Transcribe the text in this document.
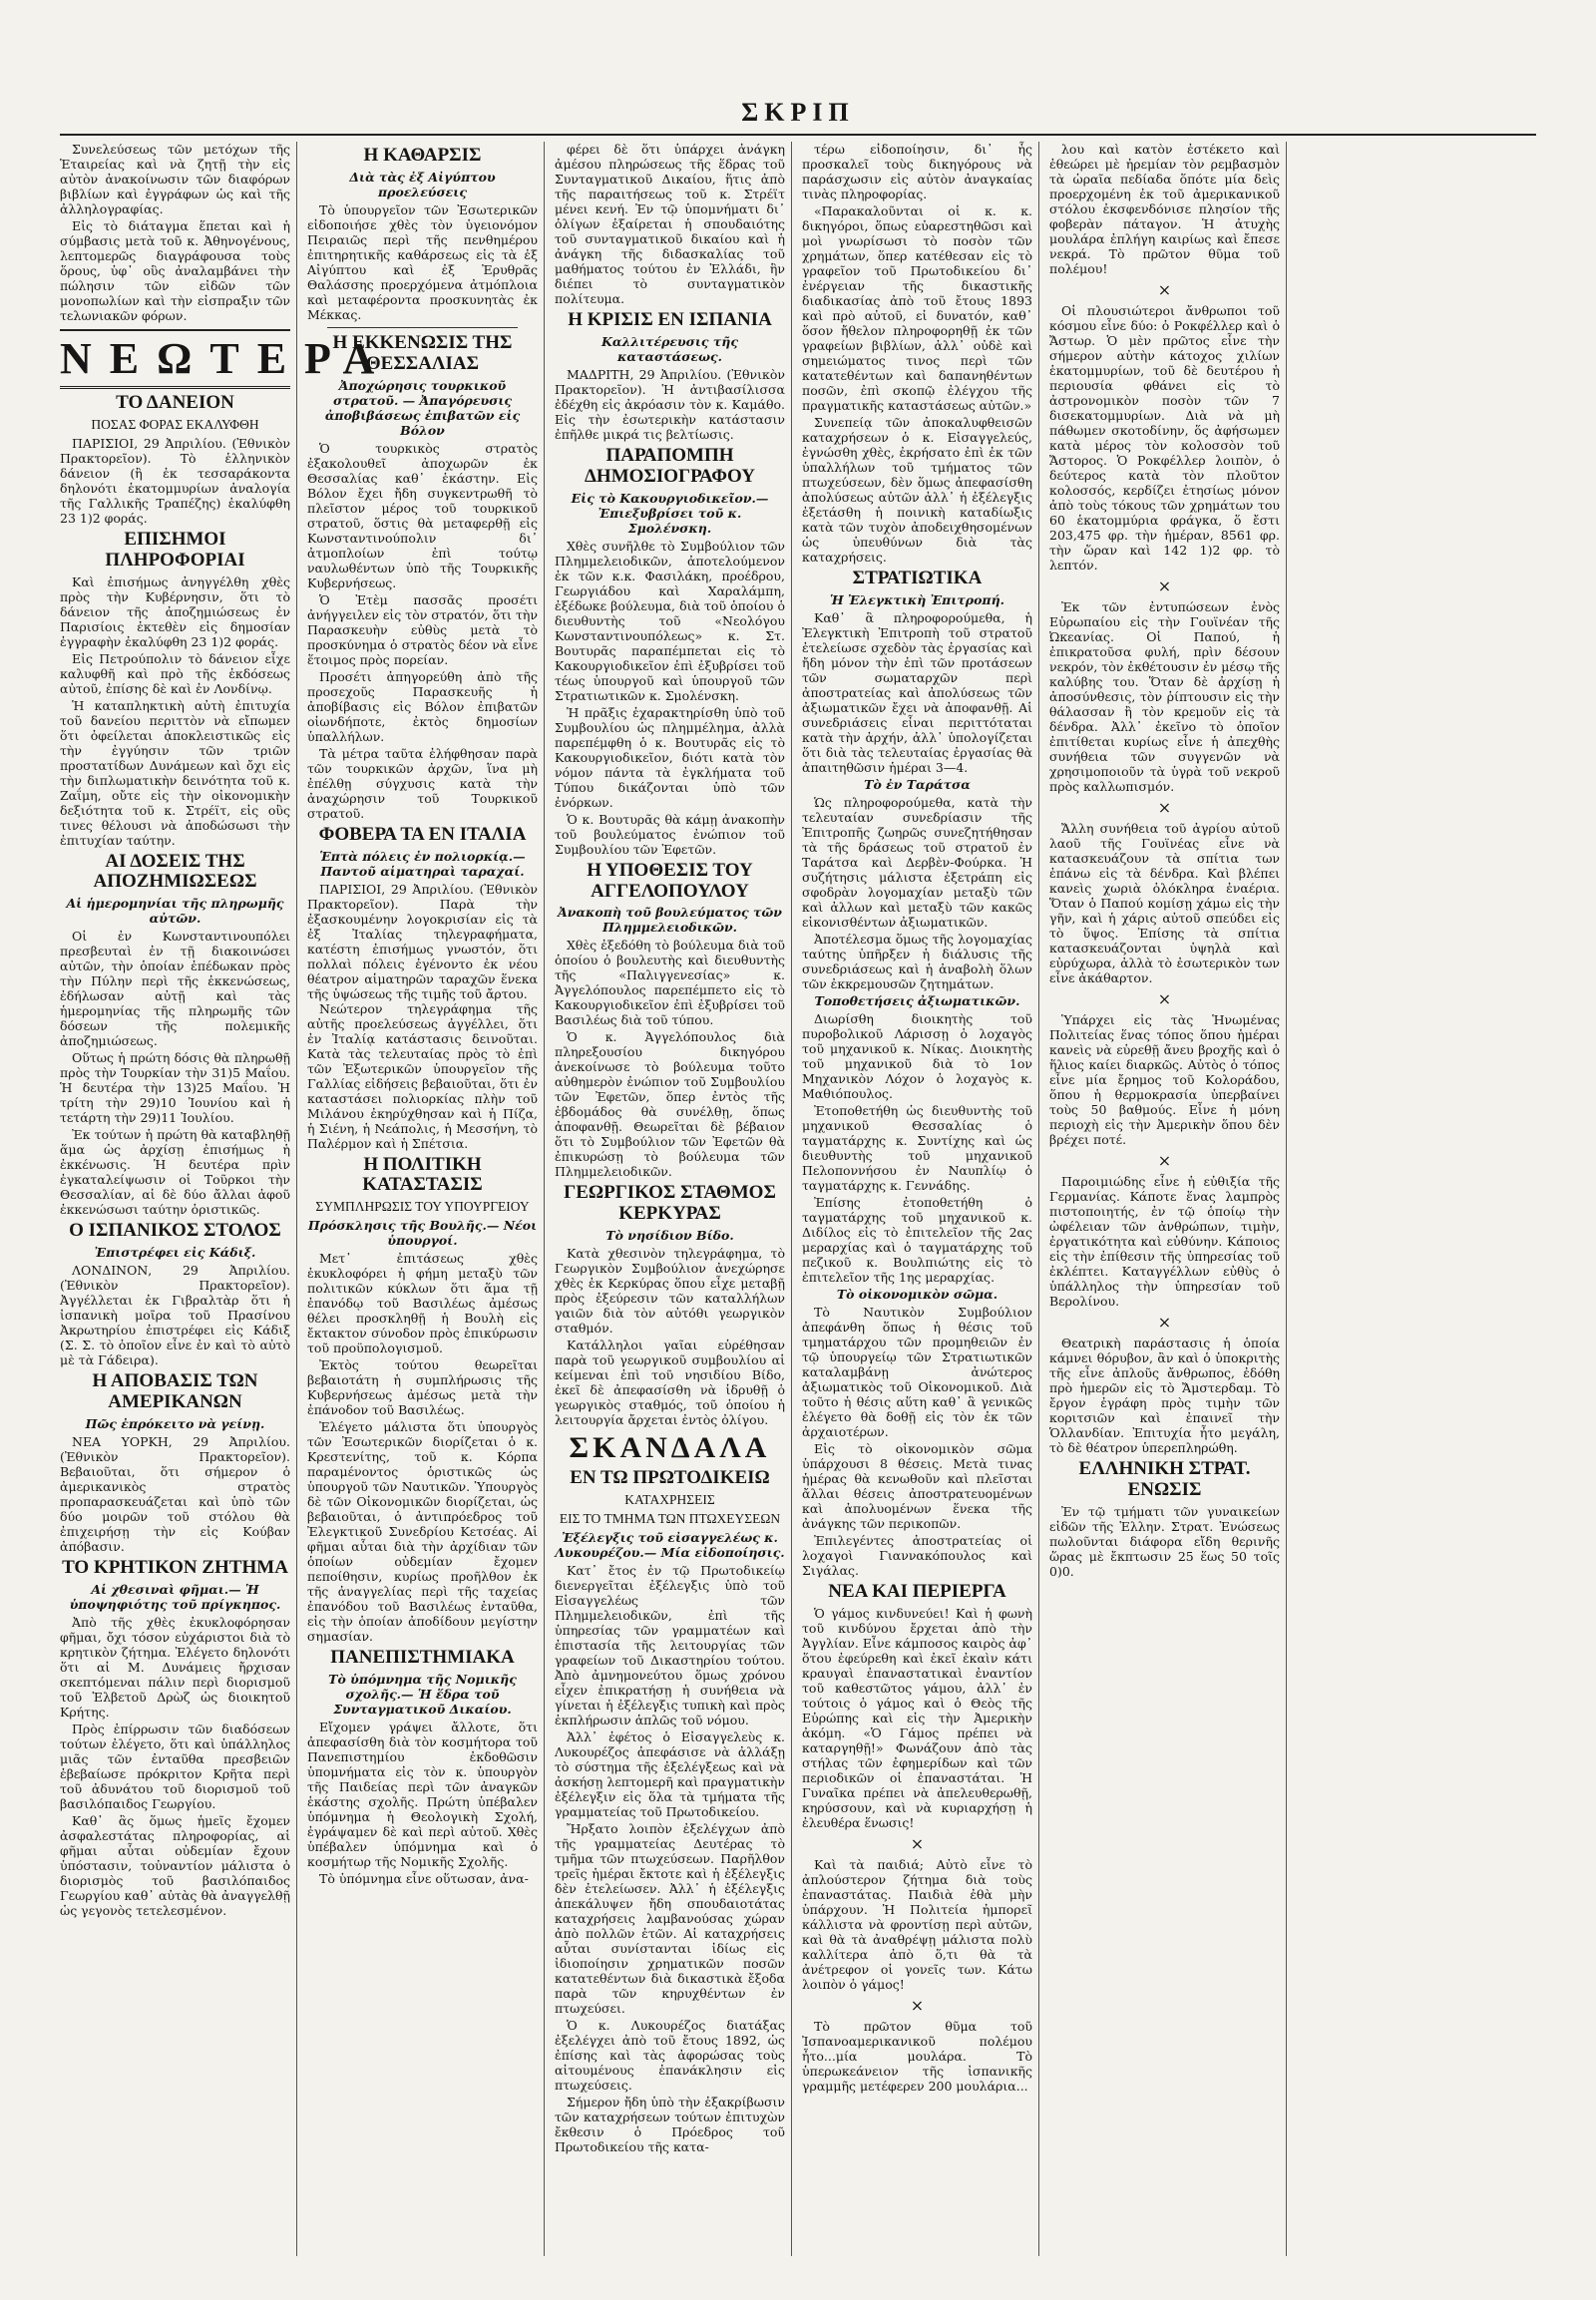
ΣΚΡΙΠ

Συνελεύσεως τῶν μετόχων τῆς Ἑταιρείας καὶ νὰ ζητῇ τὴν εἰς αὐτὸν ἀνακοίνωσιν τῶν διαφόρων βιβλίων καὶ ἐγγράφων ὡς καὶ τῆς ἀλληλογραφίας.

Εἰς τὸ διάταγμα ἕπεται καὶ ἡ σύμβασις μετὰ τοῦ κ. Ἀθηνογένους, λεπτομερῶς διαγράφουσα τοὺς ὅρους, ὑφ᾽ οὓς ἀναλαμβάνει τὴν πώλησιν τῶν εἰδῶν τῶν μονοπωλίων καὶ τὴν εἰσπραξιν τῶν τελωνιακῶν φόρων.

ΝΕΩΤΕΡΑ
ΤΟ ΔΑΝΕΙΟΝ
ΠΟΣΑΣ ΦΟΡΑΣ ΕΚΑΛΥΦΘΗ

ΠΑΡΙΣΙΟΙ, 29 Ἀπριλίου. (Ἐθνικὸν Πρακτορεῖον). Τὸ ἑλληνικὸν δάνειον (ἢ ἐκ τεσσαράκοντα δηλονότι ἑκατομμυρίων ἀναλογία τῆς Γαλλικῆς Τραπέζης) ἐκαλύφθη 23 1)2 φοράς.

ΕΠΙΣΗΜΟΙ ΠΛΗΡΟΦΟΡΙΑΙ

Καὶ ἐπισήμως ἀνηγγέλθη χθὲς πρὸς τὴν Κυβέρνησιν, ὅτι τὸ δάνειον τῆς ἀποζημιώσεως ἐν Παρισίοις ἐκτεθὲν εἰς δημοσίαν ἐγγραφὴν ἐκαλύφθη 23 1)2 φοράς.

Εἰς Πετρούπολιν τὸ δάνειον εἶχε καλυφθῆ καὶ πρὸ τῆς ἐκδόσεως αὐτοῦ, ἐπίσης δὲ καὶ ἐν Λονδίνῳ.

Ἡ καταπληκτικὴ αὐτὴ ἐπιτυχία τοῦ δανείου περιττὸν νὰ εἴπωμεν ὅτι ὀφείλεται ἀποκλειστικῶς εἰς τὴν ἐγγύησιν τῶν τριῶν προστατίδων Δυνάμεων καὶ ὄχι εἰς τὴν διπλωματικὴν δεινότητα τοῦ κ. Ζαΐμη, οὔτε εἰς τὴν οἰκονομικὴν δεξιότητα τοῦ κ. Στρέϊτ, εἰς οὓς τινες θέλουσι νὰ ἀποδώσωσι τὴν ἐπιτυχίαν ταύτην.

ΑΙ ΔΟΣΕΙΣ ΤΗΣ ΑΠΟΖΗΜΙΩΣΕΩΣ
Αἱ ἡμερομηνίαι τῆς πληρωμῆς αὐτῶν.

Οἱ ἐν Κωνσταντινουπόλει πρεσβευταὶ ἐν τῇ διακοινώσει αὐτῶν, τὴν ὁποίαν ἐπέδωκαν πρὸς τὴν Πύλην περὶ τῆς ἐκκενώσεως, ἐδήλωσαν αὐτῇ καὶ τὰς ἡμερομηνίας τῆς πληρωμῆς τῶν δόσεων τῆς πολεμικῆς ἀποζημιώσεως.

Οὕτως ἡ πρώτη δόσις θὰ πληρωθῇ πρὸς τὴν Τουρκίαν τὴν 31)5 Μαΐου. Ἡ δευτέρα τὴν 13)25 Μαΐου. Ἡ τρίτη τὴν 29)10 Ἰουνίου καὶ ἡ τετάρτη τὴν 29)11 Ἰουλίου.

Ἐκ τούτων ἡ πρώτη θὰ καταβληθῇ ἅμα ὡς ἀρχίσῃ ἐπισήμως ἡ ἐκκένωσις. Ἡ δευτέρα πρὶν ἐγκαταλείψωσιν οἱ Τοῦρκοι τὴν Θεσσαλίαν, αἱ δὲ δύο ἄλλαι ἀφοῦ ἐκκενώσωσι ταύτην ὁριστικῶς.

Ο ΙΣΠΑΝΙΚΟΣ ΣΤΟΛΟΣ
Ἐπιστρέφει εἰς Κάδιξ.

ΛΟΝΔΙΝΟΝ, 29 Ἀπριλίου. (Ἐθνικὸν Πρακτορεῖον). Ἀγγέλλεται ἐκ Γιβραλτὰρ ὅτι ἡ ἰσπανικὴ μοῖρα τοῦ Πρασίνου Ἀκρωτηρίου ἐπιστρέφει εἰς Κάδιξ (Σ. Σ. τὸ ὁποῖον εἶνε ἐν καὶ τὸ αὐτὸ μὲ τὰ Γάδειρα).

Η ΑΠΟΒΑΣΙΣ ΤΩΝ ΑΜΕΡΙΚΑΝΩΝ
Πῶς ἐπρόκειτο νὰ γείνῃ.

ΝΕΑ ΥΟΡΚΗ, 29 Ἀπριλίου. (Ἐθνικὸν Πρακτορεῖον). Βεβαιοῦται, ὅτι σήμερον ὁ ἀμερικανικὸς στρατὸς προπαρασκευάζεται καὶ ὑπὸ τῶν δύο μοιρῶν τοῦ στόλου θὰ ἐπιχειρήσῃ τὴν εἰς Κούβαν ἀπόβασιν.

ΤΟ ΚΡΗΤΙΚΟΝ ΖΗΤΗΜΑ
Αἱ χθεσιναὶ φῆμαι.— Ἡ ὑποψηφιότης τοῦ πρίγκηπος.

Ἀπὸ τῆς χθὲς ἐκυκλοφόρησαν φῆμαι, ὄχι τόσον εὐχάριστοι διὰ τὸ κρητικὸν ζήτημα. Ἐλέγετο δηλονότι ὅτι αἱ Μ. Δυνάμεις ἤρχισαν σκεπτόμεναι πάλιν περὶ διορισμοῦ τοῦ Ἑλβετοῦ Δρὼζ ὡς διοικητοῦ Κρήτης.

Πρὸς ἐπίρρωσιν τῶν διαδόσεων τούτων ἐλέγετο, ὅτι καὶ ὑπάλληλος μιᾶς τῶν ἐνταῦθα πρεσβειῶν ἐβεβαίωσε πρόκριτον Κρῆτα περὶ τοῦ ἀδυνάτου τοῦ διορισμοῦ τοῦ βασιλόπαιδος Γεωργίου.

Καθ᾽ ἃς ὅμως ἡμεῖς ἔχομεν ἀσφαλεστάτας πληροφορίας, αἱ φῆμαι αὗται οὐδεμίαν ἔχουν ὑπόστασιν, τοὐναντίον μάλιστα ὁ διορισμὸς τοῦ βασιλόπαιδος Γεωργίου καθ᾽ αὐτὰς θὰ ἀναγγελθῇ ὡς γεγονὸς τετελεσμένον.

Η ΚΑΘΑΡΣΙΣ
Διὰ τὰς ἐξ Αἰγύπτου προελεύσεις

Τὸ ὑπουργεῖον τῶν Ἐσωτερικῶν εἰδοποιήσε χθὲς τὸν ὑγειονόμον Πειραιῶς περὶ τῆς πενθημέρου ἐπιτηρητικῆς καθάρσεως εἰς τὰ ἐξ Αἰγύπτου καὶ ἐξ Ἐρυθρᾶς Θαλάσσης προερχόμενα ἀτμόπλοια καὶ μεταφέροντα προσκυνητὰς ἐκ Μέκκας.

Η ΕΚΚΕΝΩΣΙΣ ΤΗΣ ΘΕΣΣΑΛΙΑΣ
Ἀποχώρησις τουρκικοῦ στρατοῦ. — Ἀπαγόρευσις ἀποβιβάσεως ἐπιβατῶν εἰς Βόλον

Ὁ τουρκικὸς στρατὸς ἐξακολουθεῖ ἀποχωρῶν ἐκ Θεσσαλίας καθ᾽ ἑκάστην. Εἰς Βόλον ἔχει ἤδη συγκεντρωθῆ τὸ πλεῖστον μέρος τοῦ τουρκικοῦ στρατοῦ, ὅστις θὰ μεταφερθῇ εἰς Κωνσταντινούπολιν δι᾽ ἀτμοπλοίων ἐπὶ τούτῳ ναυλωθέντων ὑπὸ τῆς Τουρκικῆς Κυβερνήσεως.

Ὁ Ἐτὲμ πασσᾶς προσέτι ἀνήγγειλεν εἰς τὸν στρατόν, ὅτι τὴν Παρασκευὴν εὐθὺς μετὰ τὸ προσκύνημα ὁ στρατὸς δέον νὰ εἶνε ἕτοιμος πρὸς πορείαν.

Προσέτι ἀπηγορεύθη ἀπὸ τῆς προσεχοῦς Παρασκευῆς ἡ ἀποβίβασις εἰς Βόλον ἐπιβατῶν οἱωνδήποτε, ἐκτὸς δημοσίων ὑπαλλήλων.

Τὰ μέτρα ταῦτα ἐλήφθησαν παρὰ τῶν τουρκικῶν ἀρχῶν, ἵνα μὴ ἐπέλθῃ σύγχυσις κατὰ τὴν ἀναχώρησιν τοῦ Τουρκικοῦ στρατοῦ.

ΦΟΒΕΡΑ ΤΑ ΕΝ ΙΤΑΛΙΑ
Ἑπτὰ πόλεις ἐν πολιορκίᾳ.— Παντοῦ αἱματηραὶ ταραχαί.

ΠΑΡΙΣΙΟΙ, 29 Ἀπριλίου. (Ἐθνικὸν Πρακτορεῖον). Παρὰ τὴν ἐξασκουμένην λογοκρισίαν εἰς τὰ ἐξ Ἰταλίας τηλεγραφήματα, κατέστη ἐπισήμως γνωστόν, ὅτι πολλαὶ πόλεις ἐγένοντο ἐκ νέου θέατρον αἱματηρῶν ταραχῶν ἕνεκα τῆς ὑψώσεως τῆς τιμῆς τοῦ ἄρτου.

Νεώτερον τηλεγράφημα τῆς αὐτῆς προελεύσεως ἀγγέλλει, ὅτι ἐν Ἰταλίᾳ κατάστασις δεινοῦται. Κατὰ τὰς τελευταίας πρὸς τὸ ἐπὶ τῶν Ἐξωτερικῶν ὑπουργεῖον τῆς Γαλλίας εἰδήσεις βεβαιοῦται, ὅτι ἐν καταστάσει πολιορκίας πλὴν τοῦ Μιλάνου ἐκηρύχθησαν καὶ ἡ Πίζα, ἡ Σιένη, ἡ Νεάπολις, ἡ Μεσσήνη, τὸ Παλέρμον καὶ ἡ Σπέτσια.

Η ΠΟΛΙΤΙΚΗ ΚΑΤΑΣΤΑΣΙΣ
ΣΥΜΠΛΗΡΩΣΙΣ ΤΟΥ ΥΠΟΥΡΓΕΙΟΥ
Πρόσκλησις τῆς Βουλῆς.— Νέοι ὑπουργοί.

Μετ᾽ ἐπιτάσεως χθὲς ἐκυκλοφόρει ἡ φήμη μεταξὺ τῶν πολιτικῶν κύκλων ὅτι ἅμα τῇ ἐπανόδῳ τοῦ Βασιλέως ἀμέσως θέλει προσκληθῇ ἡ Βουλὴ εἰς ἔκτακτον σύνοδον πρὸς ἐπικύρωσιν τοῦ προϋπολογισμοῦ.

Ἐκτὸς τούτου θεωρεῖται βεβαιοτάτη ἡ συμπλήρωσις τῆς Κυβερνήσεως ἀμέσως μετὰ τὴν ἐπάνοδον τοῦ Βασιλέως.

Ἐλέγετο μάλιστα ὅτι ὑπουργὸς τῶν Ἐσωτερικῶν διορίζεται ὁ κ. Κρεστενίτης, τοῦ κ. Κόρπα παραμένοντος ὁριστικῶς ὡς ὑπουργοῦ τῶν Ναυτικῶν. Ὑπουργὸς δὲ τῶν Οἰκονομικῶν διορίζεται, ὡς βεβαιοῦται, ὁ ἀντιπρόεδρος τοῦ Ἐλεγκτικοῦ Συνεδρίου Κετσέας. Αἱ φῆμαι αὗται διὰ τὴν ἀρχίδιαν τῶν ὁποίων οὐδεμίαν ἔχομεν πεποίθησιν, κυρίως προῆλθον ἐκ τῆς ἀναγγελίας περὶ τῆς ταχείας ἐπανόδου τοῦ Βασιλέως ἐνταῦθα, εἰς τὴν ὁποίαν ἀποδίδουν μεγίστην σημασίαν.

ΠΑΝΕΠΙΣΤΗΜΙΑΚΑ
Τὸ ὑπόμνημα τῆς Νομικῆς σχολῆς.— Ἡ ἕδρα τοῦ Συνταγματικοῦ Δικαίου.

Εἴχομεν γράψει ἄλλοτε, ὅτι ἀπεφασίσθη διὰ τὸν κοσμήτορα τοῦ Πανεπιστημίου ἐκδοθῶσιν ὑπομνήματα εἰς τὸν κ. ὑπουργὸν τῆς Παιδείας περὶ τῶν ἀναγκῶν ἑκάστης σχολῆς. Πρώτη ὑπέβαλεν ὑπόμνημα ἡ Θεολογικὴ Σχολή, ἐγράψαμεν δὲ καὶ περὶ αὐτοῦ. Χθὲς ὑπέβαλεν ὑπόμνημα καὶ ὁ κοσμήτωρ τῆς Νομικῆς Σχολῆς.

Τὸ ὑπόμνημα εἶνε οὕτωσαν, ἀνα-

φέρει δὲ ὅτι ὑπάρχει ἀνάγκη ἀμέσου πληρώσεως τῆς ἕδρας τοῦ Συνταγματικοῦ Δικαίου, ἥτις ἀπὸ τῆς παραιτήσεως τοῦ κ. Στρέϊτ μένει κενή. Ἐν τῷ ὑπομνήματι δι᾽ ὀλίγων ἐξαίρεται ἡ σπουδαιότης τοῦ συνταγματικοῦ δικαίου καὶ ἡ ἀνάγκη τῆς διδασκαλίας τοῦ μαθήματος τούτου ἐν Ἑλλάδι, ἣν διέπει τὸ συνταγματικὸν πολίτευμα.

Η ΚΡΙΣΙΣ ΕΝ ΙΣΠΑΝΙΑ
Καλλιτέρευσις τῆς καταστάσεως.

ΜΑΔΡΙΤΗ, 29 Ἀπριλίου. (Ἐθνικὸν Πρακτορεῖον). Ἡ ἀντιβασίλισσα ἐδέχθη εἰς ἀκρόασιν τὸν κ. Καμάθο. Εἰς τὴν ἐσωτερικὴν κατάστασιν ἐπῆλθε μικρά τις βελτίωσις.

ΠΑΡΑΠΟΜΠΗ ΔΗΜΟΣΙΟΓΡΑΦΟΥ
Εἰς τὸ Κακουργιοδικεῖον.— Ἐπιεξυβρίσει τοῦ κ. Σμολένσκη.

Χθὲς συνῆλθε τὸ Συμβούλιον τῶν Πλημμελειοδικῶν, ἀποτελούμενον ἐκ τῶν κ.κ. Φασιλάκη, προέδρου, Γεωργιάδου καὶ Χαραλάμπη, ἐξέδωκε βούλευμα, διὰ τοῦ ὁποίου ὁ διευθυντὴς τοῦ «Νεολόγου Κωνσταντινουπόλεως» κ. Στ. Βουτυρᾶς παραπέμπεται εἰς τὸ Κακουργιοδικεῖον ἐπὶ ἐξυβρίσει τοῦ τέως ὑπουργοῦ καὶ ὑπουργοῦ τῶν Στρατιωτικῶν κ. Σμολένσκη.

Ἡ πρᾶξις ἐχαρακτηρίσθη ὑπὸ τοῦ Συμβουλίου ὡς πλημμέλημα, ἀλλὰ παρεπέμφθη ὁ κ. Βουτυρᾶς εἰς τὸ Κακουργιοδικεῖον, διότι κατὰ τὸν νόμον πάντα τὰ ἐγκλήματα τοῦ Τύπου δικάζονται ὑπὸ τῶν ἐνόρκων.

Ὁ κ. Βουτυρᾶς θὰ κάμῃ ἀνακοπὴν τοῦ βουλεύματος ἐνώπιον τοῦ Συμβουλίου τῶν Ἐφετῶν.

Η ΥΠΟΘΕΣΙΣ ΤΟΥ ΑΓΓΕΛΟΠΟΥΛΟΥ
Ἀνακοπὴ τοῦ βουλεύματος τῶν Πλημμελειοδικῶν.

Χθὲς ἐξεδόθη τὸ βούλευμα διὰ τοῦ ὁποίου ὁ βουλευτὴς καὶ διευθυντὴς τῆς «Παλιγγενεσίας» κ. Ἀγγελόπουλος παρεπέμπετο εἰς τὸ Κακουργιοδικεῖον ἐπὶ ἐξυβρίσει τοῦ Βασιλέως διὰ τοῦ τύπου.

Ὁ κ. Ἀγγελόπουλος διὰ πληρεξουσίου δικηγόρου ἀνεκοίνωσε τὸ βούλευμα τοῦτο αὐθημερὸν ἐνώπιον τοῦ Συμβουλίου τῶν Ἐφετῶν, ὅπερ ἐντὸς τῆς ἑβδομάδος θὰ συνέλθῃ, ὅπως ἀποφανθῇ. Θεωρεῖται δὲ βέβαιον ὅτι τὸ Συμβούλιον τῶν Ἐφετῶν θὰ ἐπικυρώσῃ τὸ βούλευμα τῶν Πλημμελειοδικῶν.

ΓΕΩΡΓΙΚΟΣ ΣΤΑΘΜΟΣ ΚΕΡΚΥΡΑΣ
Τὸ νησίδιον Βίδο.

Κατὰ χθεσινὸν τηλεγράφημα, τὸ Γεωργικὸν Συμβούλιον ἀνεχώρησε χθὲς ἐκ Κερκύρας ὅπου εἶχε μεταβῇ πρὸς ἐξεύρεσιν τῶν καταλλήλων γαιῶν διὰ τὸν αὐτόθι γεωργικὸν σταθμόν.

Κατάλληλοι γαῖαι εὑρέθησαν παρὰ τοῦ γεωργικοῦ συμβουλίου αἱ κείμεναι ἐπὶ τοῦ νησιδίου Βίδο, ἐκεῖ δὲ ἀπεφασίσθη νὰ ἱδρυθῇ ὁ γεωργικὸς σταθμός, τοῦ ὁποίου ἡ λειτουργία ἄρχεται ἐντὸς ὀλίγου.

ΣΚΑΝΔΑΛΑ
ΕΝ ΤΩ ΠΡΩΤΟΔΙΚΕΙΩ
ΚΑΤΑΧΡΗΣΕΙΣ
ΕΙΣ ΤΟ ΤΜΗΜΑ ΤΩΝ ΠΤΩΧΕΥΣΕΩΝ
Ἐξέλεγξις τοῦ εἰσαγγελέως κ. Λυκουρέζου.— Μία εἰδοποίησις.

Κατ᾽ ἔτος ἐν τῷ Πρωτοδικείῳ διενεργεῖται ἐξέλεγξις ὑπὸ τοῦ Εἰσαγγελέως τῶν Πλημμελειοδικῶν, ἐπὶ τῆς ὑπηρεσίας τῶν γραμματέων καὶ ἐπιστασία τῆς λειτουργίας τῶν γραφείων τοῦ Δικαστηρίου τούτου. Ἀπὸ ἀμνημονεύτου ὅμως χρόνου εἶχεν ἐπικρατήσῃ ἡ συνήθεια νὰ γίνεται ἡ ἐξέλεγξις τυπικὴ καὶ πρὸς ἐκπλήρωσιν ἁπλῶς τοῦ νόμου.

Ἀλλ᾽ ἐφέτος ὁ Εἰσαγγελεὺς κ. Λυκουρέζος ἀπεφάσισε νὰ ἀλλάξῃ τὸ σύστημα τῆς ἐξελέγξεως καὶ νὰ ἀσκήσῃ λεπτομερῆ καὶ πραγματικὴν ἐξέλεγξιν εἰς ὅλα τὰ τμήματα τῆς γραμματείας τοῦ Πρωτοδικείου.

Ἤρξατο λοιπὸν ἐξελέγχων ἀπὸ τῆς γραμματείας Δευτέρας τὸ τμῆμα τῶν πτωχεύσεων. Παρῆλθον τρεῖς ἡμέραι ἔκτοτε καὶ ἡ ἐξέλεγξις δὲν ἐτελείωσεν. Ἀλλ᾽ ἡ ἐξέλεγξις ἀπεκάλυψεν ἤδη σπουδαιοτάτας καταχρήσεις λαμβανούσας χώραν ἀπὸ πολλῶν ἐτῶν. Αἱ καταχρήσεις αὗται συνίστανται ἰδίως εἰς ἰδιοποίησιν χρηματικῶν ποσῶν κατατεθέντων διὰ δικαστικὰ ἔξοδα παρὰ τῶν κηρυχθέντων ἐν πτωχεύσει.

Ὁ κ. Λυκουρέζος διατάξας ἐξελέγχει ἀπὸ τοῦ ἔτους 1892, ὡς ἐπίσης καὶ τὰς ἀφορώσας τοὺς αἰτουμένους ἐπανάκλησιν εἰς πτωχεύσεις.

Σήμερον ἤδη ὑπὸ τὴν ἐξακρίβωσιν τῶν καταχρήσεων τούτων ἐπιτυχὼν ἔκθεσιν ὁ Πρόεδρος τοῦ Πρωτοδικείου τῆς κατα-

τέρω εἰδοποίησιν, δι᾽ ἧς προσκαλεῖ τοὺς δικηγόρους νὰ παράσχωσιν εἰς αὐτὸν ἀναγκαίας τινὰς πληροφορίας.

«Παρακαλοῦνται οἱ κ. κ. δικηγόροι, ὅπως εὐαρεστηθῶσι καὶ μοὶ γνωρίσωσι τὸ ποσὸν τῶν χρημάτων, ὅπερ κατέθεσαν εἰς τὸ γραφεῖον τοῦ Πρωτοδικείου δι᾽ ἐνέργειαν τῆς δικαστικῆς διαδικασίας ἀπὸ τοῦ ἔτους 1893 καὶ πρὸ αὐτοῦ, εἰ δυνατόν, καθ᾽ ὅσον ἤθελον πληροφορηθῇ ἐκ τῶν γραφείων βιβλίων, ἀλλ᾽ οὐδὲ καὶ σημειώματος τινος περὶ τῶν κατατεθέντων καὶ δαπανηθέντων ποσῶν, ἐπὶ σκοπῷ ἐλέγχου τῆς πραγματικῆς καταστάσεως αὐτῶν.»

Συνεπείᾳ τῶν ἀποκαλυφθεισῶν καταχρήσεων ὁ κ. Εἰσαγγελεύς, ἐγνώσθη χθὲς, ἐκρήσατο ἐπὶ ἐκ τῶν ὑπαλλήλων τοῦ τμήματος τῶν πτωχεύσεων, δὲν ὅμως ἀπεφασίσθη ἀπολύσεως αὐτῶν ἀλλ᾽ ἡ ἐξέλεγξις ἐξετάσθη ἡ ποινικὴ καταδίωξις κατὰ τῶν τυχὸν ἀποδειχθησομένων ὡς ὑπευθύνων διὰ τὰς καταχρήσεις.

ΣΤΡΑΤΙΩΤΙΚΑ
Ἡ Ἐλεγκτικὴ Ἐπιτροπή.

Καθ᾽ ἃ πληροφορούμεθα, ἡ Ἐλεγκτικὴ Ἐπιτροπὴ τοῦ στρατοῦ ἐτελείωσε σχεδὸν τὰς ἐργασίας καὶ ἤδη μόνον τὴν ἐπὶ τῶν προτάσεων τῶν σωματαρχῶν περὶ ἀποστρατείας καὶ ἀπολύσεως τῶν ἀξιωματικῶν ἔχει νὰ ἀποφανθῇ. Αἱ συνεδριάσεις εἶναι περιττόταται κατὰ τὴν ἀρχήν, ἀλλ᾽ ὑπολογίζεται ὅτι διὰ τὰς τελευταίας ἐργασίας θὰ ἀπαιτηθῶσιν ἡμέραι 3—4.

Τὸ ἐν Ταράτσα

Ὡς πληροφορούμεθα, κατὰ τὴν τελευταίαν συνεδρίασιν τῆς Ἐπιτροπῆς ζωηρῶς συνεζητήθησαν τὰ τῆς δράσεως τοῦ στρατοῦ ἐν Ταράτσα καὶ Δερβὲν-Φούρκα. Ἡ συζήτησις μάλιστα ἐξετράπη εἰς σφοδρὰν λογομαχίαν μεταξὺ τῶν καὶ ἀλλων καὶ μεταξὺ τῶν κακῶς εἰκονισθέντων ἀξιωματικῶν.

Ἀποτέλεσμα ὅμως τῆς λογομαχίας ταύτης ὑπῆρξεν ἡ διάλυσις τῆς συνεδριάσεως καὶ ἡ ἀναβολὴ ὅλων τῶν ἐκκρεμουσῶν ζητημάτων.

Τοποθετήσεις ἀξιωματικῶν.

Διωρίσθη διοικητὴς τοῦ πυροβολικοῦ Λάρισσῃ ὁ λοχαγὸς τοῦ μηχανικοῦ κ. Νίκας. Διοικητὴς τοῦ μηχανικοῦ διὰ τὸ 1ον Μηχανικὸν Λόχον ὁ λοχαγὸς κ. Μαθιόπουλος.

Ἐτοποθετήθη ὡς διευθυντὴς τοῦ μηχανικοῦ Θεσσαλίας ὁ ταγματάρχης κ. Συντίχης καὶ ὡς διευθυντὴς τοῦ μηχανικοῦ Πελοποννήσου ἐν Ναυπλίῳ ὁ ταγματάρχης κ. Γεννάδης.

Ἐπίσης ἐτοποθετήθη ὁ ταγματάρχης τοῦ μηχανικοῦ κ. Διδίλος εἰς τὸ ἐπιτελεῖον τῆς 2ας μεραρχίας καὶ ὁ ταγματάρχης τοῦ πεζικοῦ κ. Βουλπιώτης εἰς τὸ ἐπιτελεῖον τῆς 1ης μεραρχίας.

Τὸ οἰκονομικὸν σῶμα.

Τὸ Ναυτικὸν Συμβούλιον ἀπεφάνθη ὅπως ἡ θέσις τοῦ τμηματάρχου τῶν προμηθειῶν ἐν τῷ ὑπουργείῳ τῶν Στρατιωτικῶν καταλαμβάνῃ ἀνώτερος ἀξιωματικὸς τοῦ Οἰκονομικοῦ. Διὰ τοῦτο ἡ θέσις αὕτη καθ᾽ ἃ γενικῶς ἐλέγετο θὰ δοθῇ εἰς τὸν ἐκ τῶν ἀρχαιοτέρων.

Εἰς τὸ οἰκονομικὸν σῶμα ὑπάρχουσι 8 θέσεις. Μετὰ τινας ἡμέρας θὰ κενωθοῦν καὶ πλεῖσται ἄλλαι θέσεις ἀποστρατευομένων καὶ ἀπολυομένων ἕνεκα τῆς ἀνάγκης τῶν περικοπῶν.

Ἐπιλεγέντες ἀποστρατείας οἱ λοχαγοὶ Γιαννακόπουλος καὶ Σιγάλας.

ΝΕΑ ΚΑΙ ΠΕΡΙΕΡΓΑ

Ὁ γάμος κινδυνεύει! Καὶ ἡ φωνὴ τοῦ κινδύνου ἔρχεται ἀπὸ τὴν Ἀγγλίαν. Εἶνε κάμποσος καιρὸς ἀφ᾽ ὅτου ἐφεύρεθη καὶ ἐκεῖ ἐκαὶν κάτι κραυγαὶ ἐπαναστατικαὶ ἐναντίον τοῦ καθεστῶτος γάμου, ἀλλ᾽ ἐν τούτοις ὁ γάμος καὶ ὁ Θεὸς τῆς Εὐρώπης καὶ εἰς τὴν Ἀμερικὴν ἀκόμη. «Ὁ Γάμος πρέπει νὰ καταργηθῇ!» Φωνάζουν ἀπὸ τὰς στήλας τῶν ἐφημερίδων καὶ τῶν περιοδικῶν οἱ ἐπαναστάται. Ἡ Γυναῖκα πρέπει νὰ ἀπελευθερωθῇ, κηρύσσουν, καὶ νὰ κυριαρχήσῃ ἡ ἐλευθέρα ἕνωσις!

×

Καὶ τὰ παιδιά; Αὐτὸ εἶνε τὸ ἀπλούστερον ζήτημα διὰ τοὺς ἐπαναστάτας. Παιδιὰ ἐθὰ μὴν ὑπάρχουν. Ἡ Πολιτεία ἠμπορεῖ κάλλιστα νὰ φροντίσῃ περὶ αὐτῶν, καὶ θὰ τὰ ἀναθρέψῃ μάλιστα πολὺ καλλίτερα ἀπὸ ὅ,τι θὰ τὰ ἀνέτρεφον οἱ γονεῖς των. Κάτω λοιπὸν ὁ γάμος!

×

Τὸ πρῶτον θῦμα τοῦ Ἰσπανοαμερικανικοῦ πολέμου ἦτο...μία μουλάρα. Τὸ ὑπερωκεάνειον τῆς ἰσπανικῆς γραμμῆς μετέφερεν 200 μουλάρια...

λου καὶ κατὸν ἐστέκετο καὶ ἐθεώρει μὲ ἠρεμίαν τὸν ρεμβασμὸν τὰ ὡραῖα πεδίαδα ὅπότε μία δεὶς προερχομένη ἐκ τοῦ ἀμερικανικοῦ στόλου ἐκσφενδόνισε πλησίον τῆς φοβερὰν πάταγον. Ἡ ἀτυχὴς μουλάρα ἐπλήγη καιρίως καὶ ἔπεσε νεκρά. Τὸ πρῶτον θῦμα τοῦ πολέμου!

×

Οἱ πλουσιώτεροι ἄνθρωποι τοῦ κόσμου εἶνε δύο: ὁ Ροκφέλλερ καὶ ὁ Ἄστωρ. Ὁ μὲν πρῶτος εἶνε τὴν σήμερον αὐτὴν κάτοχος χιλίων ἑκατομμυρίων, τοῦ δὲ δευτέρου ἡ περιουσία φθάνει εἰς τὸ ἀστρονομικὸν ποσὸν τῶν 7 δισεκατομμυρίων. Διὰ νὰ μὴ πάθωμεν σκοτοδίνην, ὅς ἀφήσωμεν κατὰ μέρος τὸν κολοσσὸν τοῦ Ἄστορος. Ὁ Ροκφέλλερ λοιπὸν, ὁ δεύτερος κατὰ τὸν πλοῦτον κολοσσός, κερδίζει ἐτησίως μόνον ἀπὸ τοὺς τόκους τῶν χρημάτων του 60 ἑκατομμύρια φράγκα, ὅ ἔστι 203,475 φρ. τὴν ἡμέραν, 8561 φρ. τὴν ὥραν καὶ 142 1)2 φρ. τὸ λεπτόν.

×

Ἐκ τῶν ἐντυπώσεων ἑνὸς Εὐρωπαίου εἰς τὴν Γουϊνέαν τῆς Ὠκεανίας. Οἱ Παπού, ἡ ἐπικρατοῦσα φυλή, πρὶν δέσουν νεκρόν, τὸν ἐκθέτουσιν ἐν μέσῳ τῆς καλύβης του. Ὅταν δὲ ἀρχίσῃ ἡ ἀποσύνθεσις, τὸν ῥίπτουσιν εἰς τὴν θάλασσαν ἢ τὸν κρεμοῦν εἰς τὰ δένδρα. Ἀλλ᾽ ἐκεῖνο τὸ ὁποῖον ἐπιτίθεται κυρίως εἶνε ἡ ἀπεχθὴς συνήθεια τῶν συγγενῶν νὰ χρησιμοποιοῦν τὰ ὑγρὰ τοῦ νεκροῦ πρὸς καλλωπισμόν.

×

Ἄλλη συνήθεια τοῦ ἀγρίου αὐτοῦ λαοῦ τῆς Γουϊνέας εἶνε νὰ κατασκευάζουν τὰ σπίτια των ἐπάνω εἰς τὰ δένδρα. Καὶ βλέπει κανεὶς χωριὰ ὁλόκληρα ἐναέρια. Ὅταν ὁ Παπού κομίσῃ χάμω εἰς τὴν γῆν, καὶ ἡ χάρις αὐτοῦ σπεύδει εἰς τὸ ὕψος. Ἐπίσης τὰ σπίτια κατασκευάζονται ὑψηλὰ καὶ εὐρύχωρα, ἀλλὰ τὸ ἐσωτερικὸν των εἶνε ἀκάθαρτον.

×

Ὑπάρχει εἰς τὰς Ἡνωμένας Πολιτείας ἕνας τόπος ὅπου ἡμέραι κανεὶς νὰ εὑρεθῇ ἄνευ βροχῆς καὶ ὁ ἥλιος καίει διαρκῶς. Αὐτὸς ὁ τόπος εἶνε μία ἔρημος τοῦ Κολοράδου, ὅπου ἡ θερμοκρασία ὑπερβαίνει τοὺς 50 βαθμούς. Εἶνε ἡ μόνη περιοχὴ εἰς τὴν Ἀμερικὴν ὅπου δὲν βρέχει ποτέ.

×

Παροιμιώδης εἶνε ἡ εὐθιξία τῆς Γερμανίας. Κάποτε ἕνας λαμπρὸς πιστοποιητής, ἐν τῷ ὁποίῳ τὴν ὠφέλειαν τῶν ἀνθρώπων, τιμὴν, ἐργατικότητα καὶ εὐθύνην. Κάποιος εἰς τὴν ἐπίθεσιν τῆς ὑπηρεσίας τοῦ ἐκλέπτει. Καταγγέλλων εὐθὺς ὁ ὑπάλληλος τὴν ὑπηρεσίαν τοῦ Βερολίνου.

×

Θεατρικὴ παράστασις ἡ ὁποία κάμνει θόρυβον, ἂν καὶ ὁ ὑποκριτὴς τῆς εἶνε ἀπλοῦς ἄνθρωπος, ἐδόθη πρὸ ἡμερῶν εἰς τὸ Ἄμστερδαμ. Τὸ ἔργον ἐγράφη πρὸς τιμὴν τῶν κοριτσιῶν καὶ ἐπαινεῖ τὴν Ὁλλανδίαν. Ἐπιτυχία ἦτο μεγάλη, τὸ δὲ θέατρον ὑπερεπληρώθη.

ΕΛΛΗΝΙΚΗ ΣΤΡΑΤ. ΕΝΩΣΙΣ

Ἐν τῷ τμήματι τῶν γυναικείων εἰδῶν τῆς Ἑλλην. Στρατ. Ἑνώσεως πωλοῦνται διάφορα εἴδη θερινῆς ὥρας μὲ ἔκπτωσιν 25 ἕως 50 τοῖς 0)0.
